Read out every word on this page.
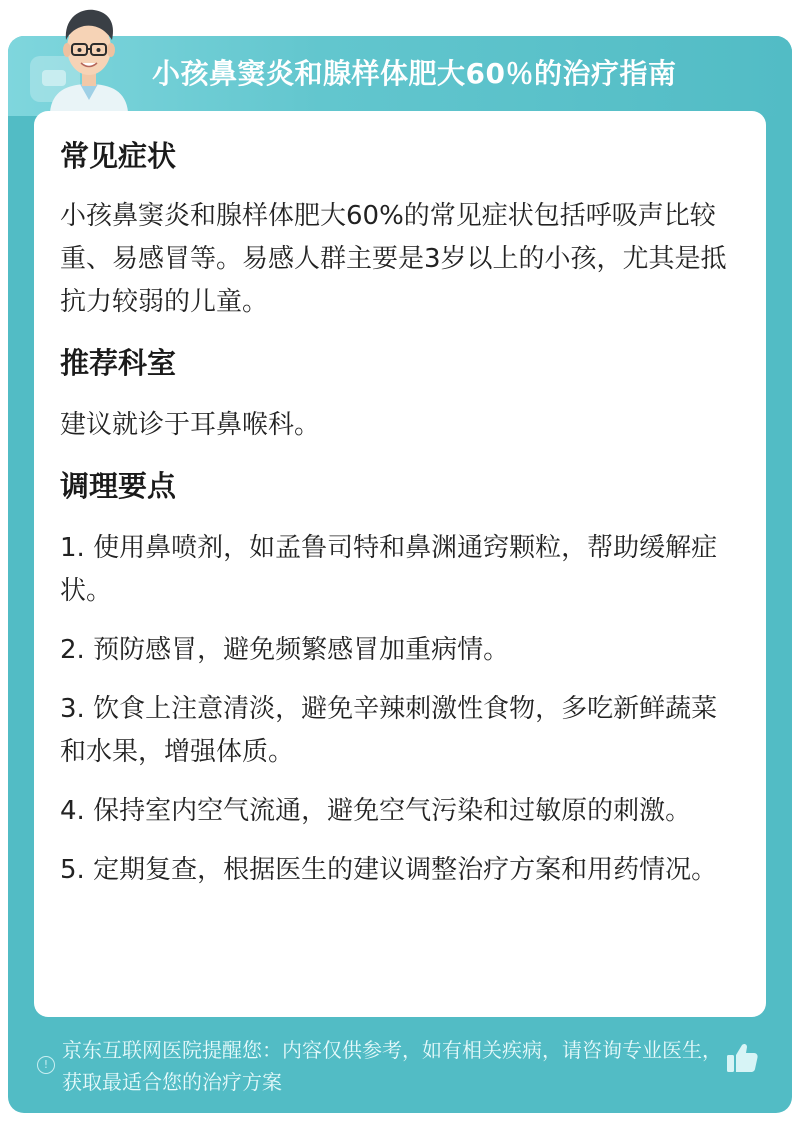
小孩鼻窦炎和腺样体肥大60％的治疗指南

常见症状

小孩鼻窦炎和腺样体肥大60%的常见症状包括呼吸声比较重、易感冒等。易感人群主要是3岁以上的小孩，尤其是抵抗力较弱的儿童。

推荐科室

建议就诊于耳鼻喉科。

调理要点

1. 使用鼻喷剂，如孟鲁司特和鼻渊通窍颗粒，帮助缓解症状。

2. 预防感冒，避免频繁感冒加重病情。

3. 饮食上注意清淡，避免辛辣刺激性食物，多吃新鲜蔬菜和水果，增强体质。

4. 保持室内空气流通，避免空气污染和过敏原的刺激。

5. 定期复查，根据医生的建议调整治疗方案和用药情况。

!
京东互联网医院提醒您：内容仅供参考，如有相关疾病，请咨询专业医生，获取最适合您的治疗方案
